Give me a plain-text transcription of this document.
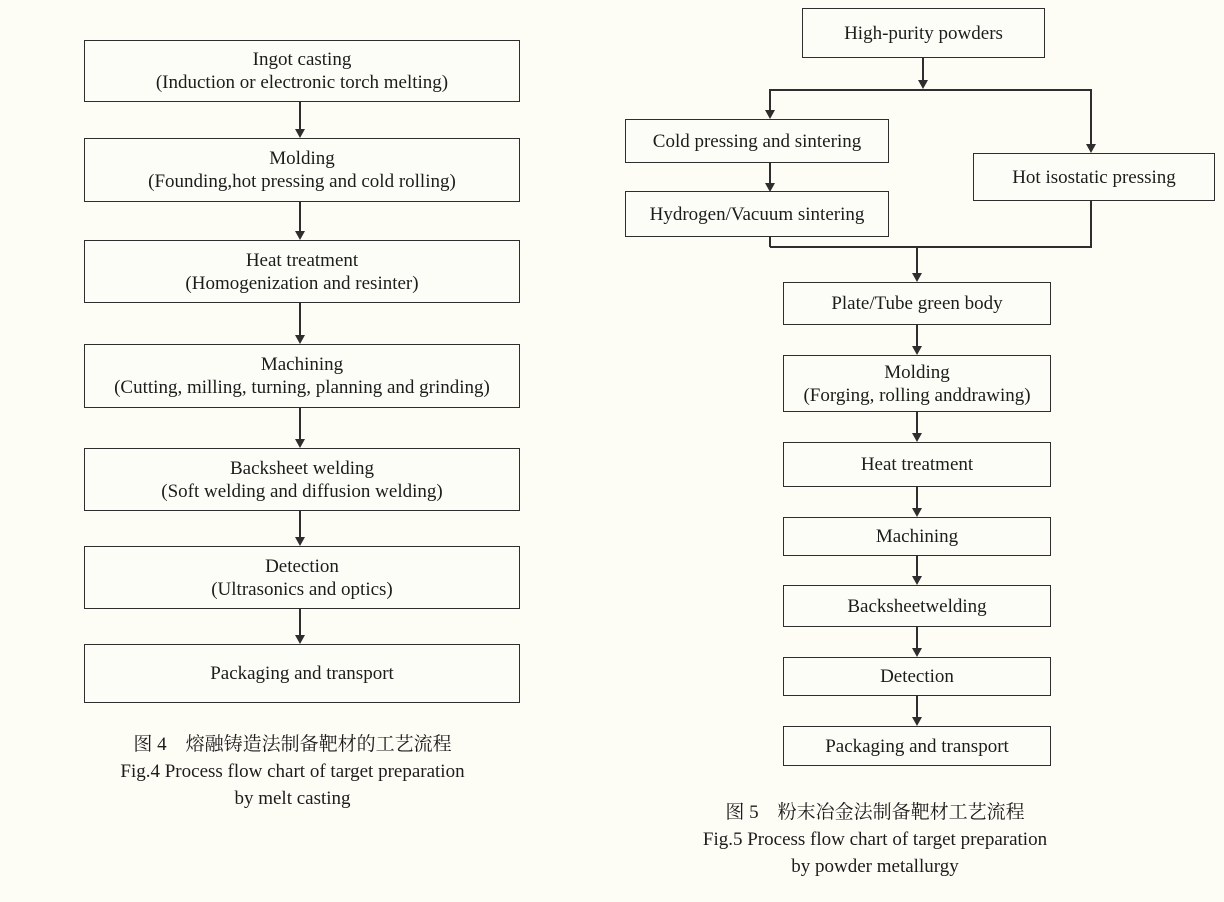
Ingot casting
(Induction or electronic torch melting)
Molding
(Founding,hot pressing and cold rolling)
Heat treatment
(Homogenization and resinter)
Machining
(Cutting, milling, turning, planning and grinding)
Backsheet welding
(Soft welding and diffusion welding)
Detection
(Ultrasonics and optics)
Packaging and transport
图 4　熔融铸造法制备靶材的工艺流程
Fig.4 Process flow chart of target preparation
by melt casting
High-purity powders
Cold pressing and sintering
Hydrogen/Vacuum sintering
Hot isostatic pressing
Plate/Tube green body
Molding
(Forging, rolling anddrawing)
Heat treatment
Machining
Backsheetwelding
Detection
Packaging and transport
图 5　粉末冶金法制备靶材工艺流程
Fig.5 Process flow chart of target preparation
by powder metallurgy
